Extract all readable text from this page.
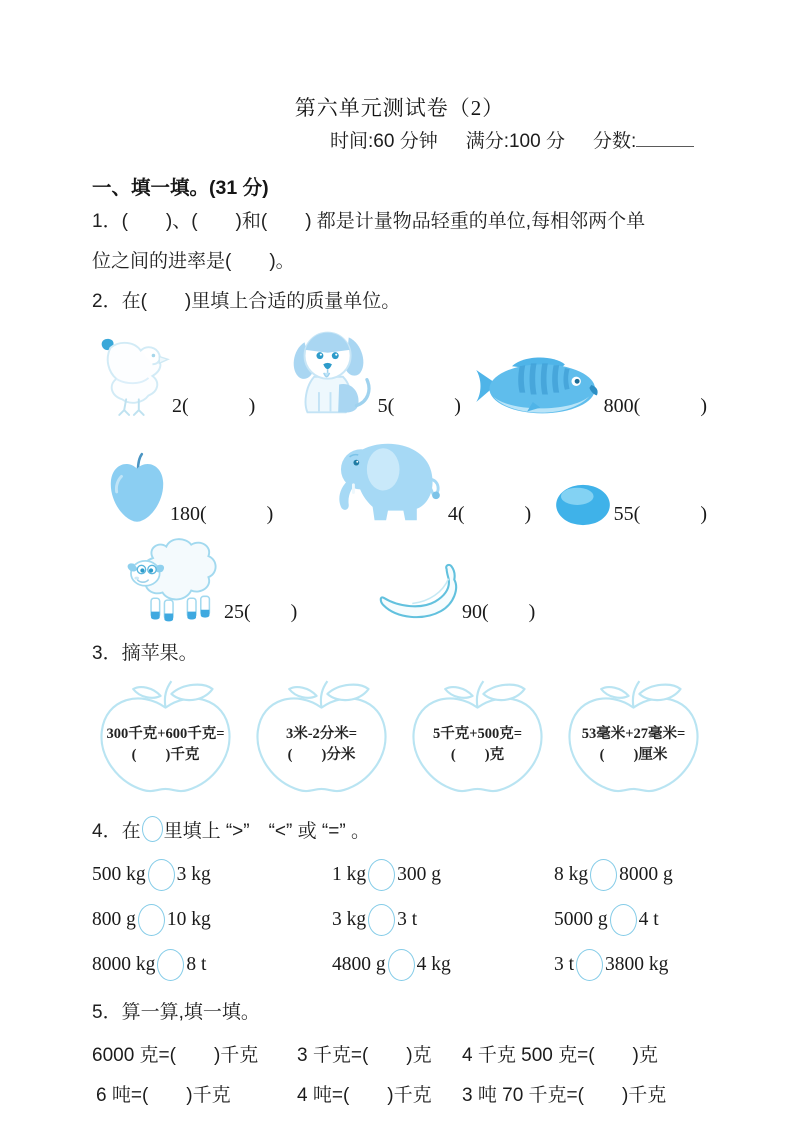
第六单元测试卷（2）
时间:60 分钟 满分:100 分 分数:
一、填一填。(31 分)
1．(　　)、(　　)和(　　) 都是计量物品轻重的单位,每相邻两个单
位之间的进率是(　　)。
2．在(　　)里填上合适的质量单位。
2(　　　)	5(　　　)	800(　　　)
180(　　　)	4(　　　)	55(　　　)
25(　　)	90(　　)
3．摘苹果。
300千克+600千克=
(　　)千克
3米-2分米=
(　　)分米
5千克+500克=
(　　)克
53毫米+27毫米=
(　　)厘米
4．在 里填上 “>”　“<” 或 “=” 。
500 kg 3 kg	1 kg 300 g	8 kg 8000 g
800 g 10 kg	3 kg 3 t	5000 g 4 t
8000 kg 8 t	4800 g 4 kg	3 t 3800 kg
5．算一算,填一填。
6000 克=(　　)千克	3 千克=(　　)克	4 千克 500 克=(　　)克
6 吨=(　　)千克	4 吨=(　　)千克	3 吨 70 千克=(　　)千克
